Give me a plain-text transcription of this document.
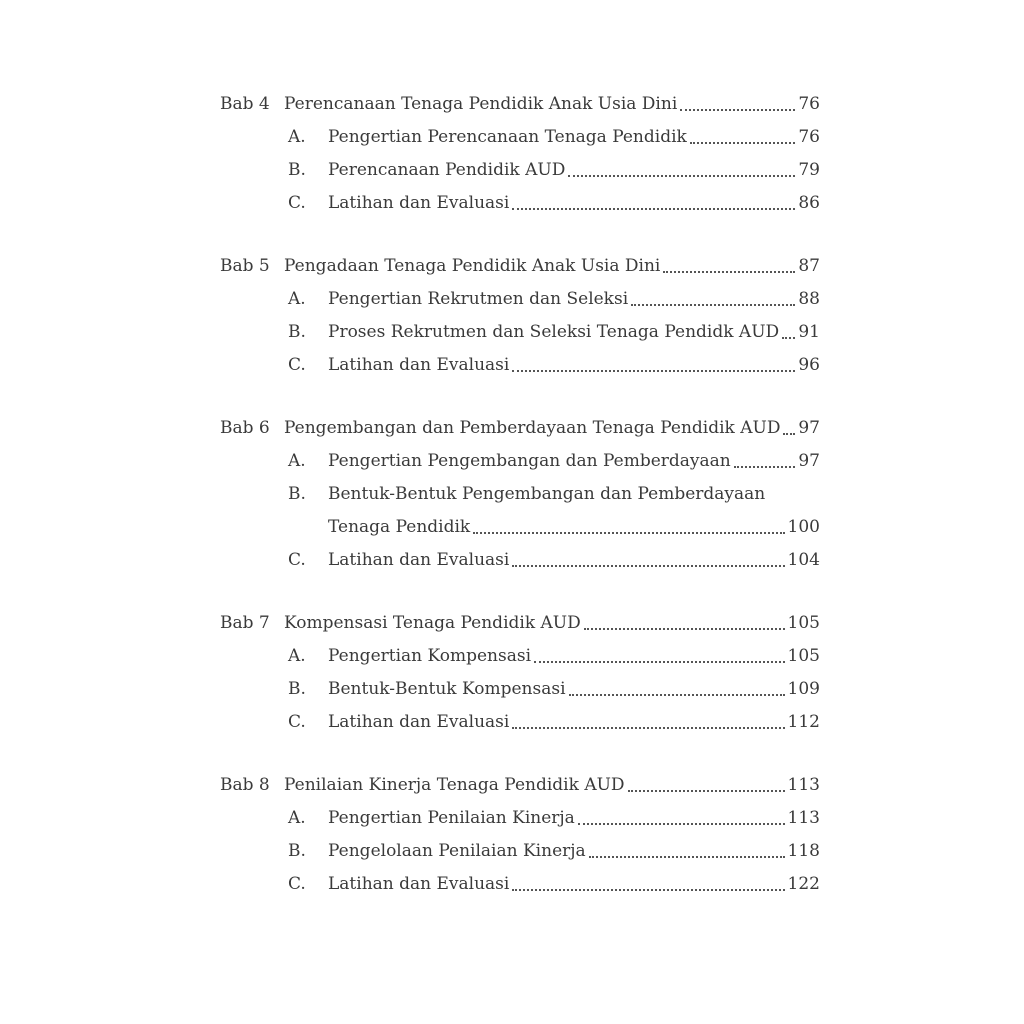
Bab 4 Perencanaan Tenaga Pendidik Anak Usia Dini	76
A.	Pengertian Perencanaan Tenaga Pendidik	76
B.	Perencanaan Pendidik AUD	79
C.	Latihan dan Evaluasi	86
Bab 5 Pengadaan Tenaga Pendidik Anak Usia Dini	87
A.	Pengertian Rekrutmen dan Seleksi	88
B.	Proses Rekrutmen dan Seleksi Tenaga Pendidk AUD 91
C.	Latihan dan Evaluasi	96
Bab 6 Pengembangan dan Pemberdayaan Tenaga Pendidik AUD 97
A.	Pengertian Pengembangan dan Pemberdayaan	97
B.	Bentuk-Bentuk Pengembangan dan Pemberdayaan
Tenaga Pendidik	100
C.	Latihan dan Evaluasi	104
Bab 7 Kompensasi Tenaga Pendidik AUD	105
A.	Pengertian Kompensasi	105
B.	Bentuk-Bentuk Kompensasi	109
C.	Latihan dan Evaluasi	112
Bab 8 Penilaian Kinerja Tenaga Pendidik AUD	113
A.	Pengertian Penilaian Kinerja	113
B.	Pengelolaan Penilaian Kinerja	118
C.	Latihan dan Evaluasi	122
